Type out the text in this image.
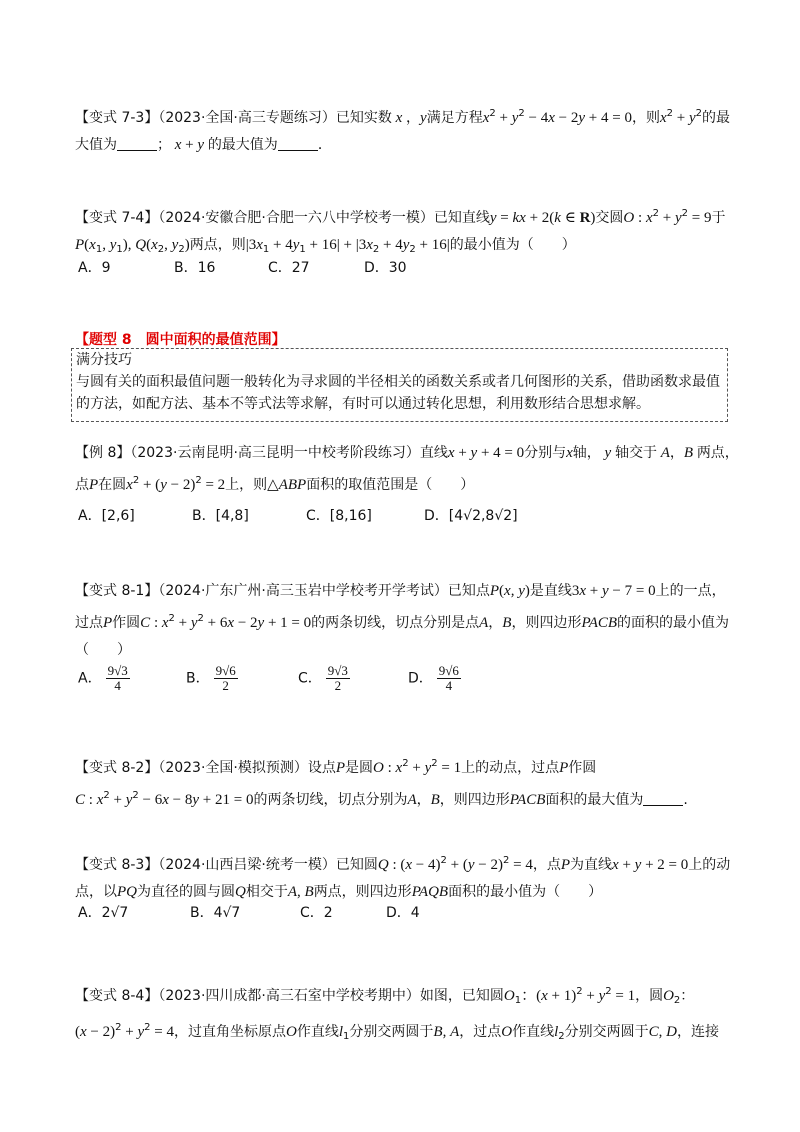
【变式 7-3】（2023·全国·高三专题练习）已知实数 x ，y满足方程$x^2 + y^2 - 4x - 2y + 4 = 0$，则$x^2 + y^2$的最
大值为	； x + y 的最大值为	．
【变式 7-4】（2024·安徽合肥·合肥一六八中学校考一模）已知直线y = kx + 2(k ∈ R)交圆O : $x^2 + y^2 = 9$于
$P(x_1$, $y_1$), $Q(x_2$, $y_2$)两点，则$|3x_1 + 4y_1 + 16| + |3x_2 + 4y_2 + 16|$的最小值为（　　）
A．9	B．16	C．27	D．30
【题型 8　圆中面积的最值范围】
满分技巧
与圆有关的面积最值问题一般转化为寻求圆的半径相关的函数关系或者几何图形的关系，借助函数求最值的方法，如配方法、基本不等式法等求解，有时可以通过转化思想，利用数形结合思想求解。
【例 8】（2023·云南昆明·高三昆明一中校考阶段练习）直线x + y + 4 = 0分别与x轴， y 轴交于 A，B 两点，
点P在圆$x^2 + (y - 2)^2 = 2$上，则△ABP面积的取值范围是（　　）
A．[2,6]	B．[4,8]	C．[8,16]	D．[4√2,8√2]
【变式 8-1】（2024·广东广州·高三玉岩中学校考开学考试）已知点P(x, y)是直线3x + y − 7 = 0上的一点，
过点P作圆C : $x^2 + y^2 + 6x - 2y + 1 = 0$的两条切线，切点分别是点A，B，则四边形PACB的面积的最小值为
（　　）
A． $\frac{9√3}{4}$	B． $\frac{9√6}{2}$	C． $\frac{9√3}{2}$	D． $\frac{9√6}{4}$
【变式 8-2】（2023·全国·模拟预测）设点P是圆O : $x^2 + y^2 = 1$上的动点，过点P作圆
C : $x^2 + y^2 - 6x - 8y + 21 = 0$的两条切线，切点分别为A，B，则四边形PACB面积的最大值为	.
【变式 8-3】（2024·山西吕梁·统考一模）已知圆Q : $(x - 4)^2 + (y - 2)^2 = 4$，点P为直线x + y + 2 = 0上的动
点，以PQ为直径的圆与圆Q相交于A, B两点，则四边形PAQB面积的最小值为（　　）
A．2√7	B．4√7	C．2	D．4
【变式 8-4】（2023·四川成都·高三石室中学校考期中）如图，已知圆$O_1$：$(x + 1)^2 + y^2 = 1$，圆$O_2$：
$(x - 2)^2 + y^2 = 4$，过直角坐标原点O作直线$l_1$分别交两圆于B, A，过点O作直线$l_2$分别交两圆于C, D，连接
